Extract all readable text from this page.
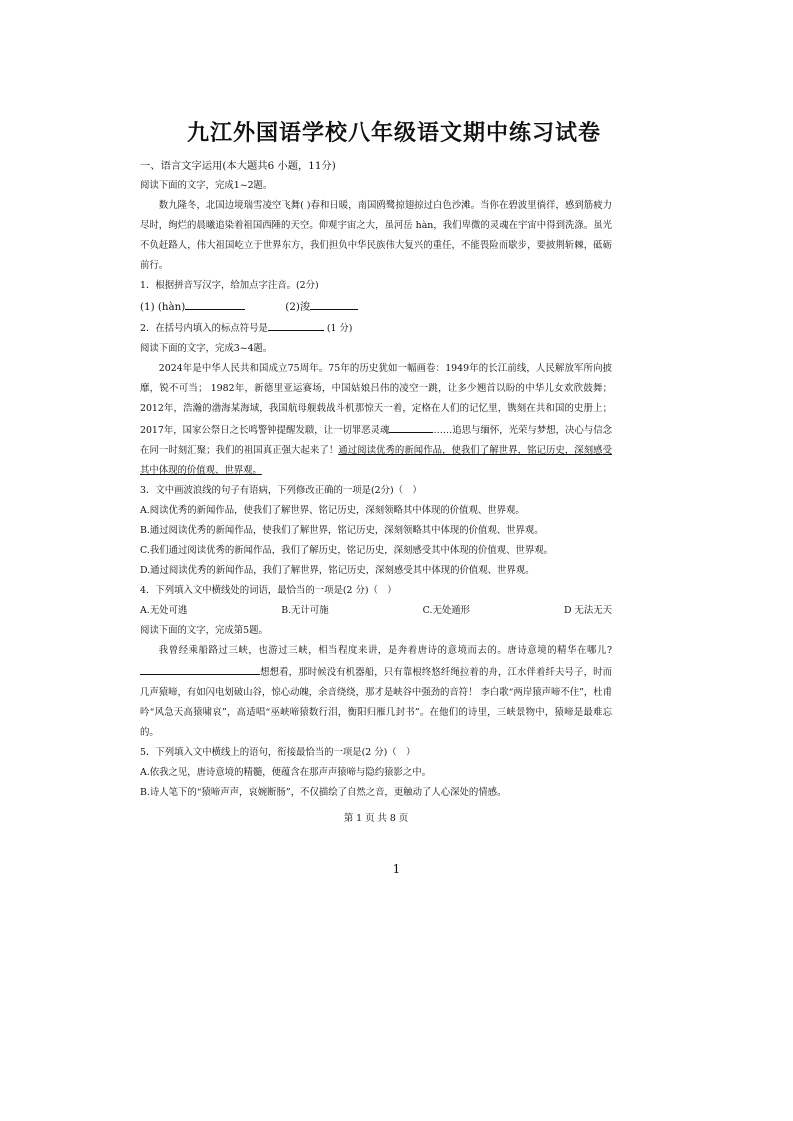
九江外国语学校八年级语文期中练习试卷
一、语言文字运用(本大题共6 小题，11分)
阅读下面的文字，完成1~2题。
数九隆冬，北国边境瑞雪凌空飞舞( )春和日暖，南国鸥鹭掠翅掠过白色沙滩。当你在碧波里徜徉，感到筋疲力尽时，绚烂的晨曦追染着祖国西陲的天空。仰观宇宙之大，虽河岳 hàn，我们卑微的灵魂在宇宙中得到洗涤。虽光不负赶路人，伟大祖国屹立于世界东方，我们担负中华民族伟大复兴的重任，不能畏险而歇步，要披荆斩棘，砥砺前行。
1．根据拼音写汉字，给加点字注音。(2分)
(1) (hàn)	(2)浚
2．在括号内填入的标点符号是	(1 分)
阅读下面的文字，完成3~4题。
2024年是中华人民共和国成立75周年。75年的历史犹如一幅画卷：1949年的长江前线，人民解放军所向披靡，锐不可当； 1982年，新德里亚运赛场，中国姑娘吕伟的凌空一跳，让多少翘首以盼的中华儿女欢欣鼓舞； 2012年，浩瀚的渤海某海域，我国航母舰载战斗机那惊天一着，定格在人们的记忆里，镌刻在共和国的史册上； 2017年，国家公祭日之长鸣警钟提醒发聩，让一切罪恶灵魂	……追思与缅怀，光荣与梦想，决心与信念在同一时刻汇聚；我们的祖国真正强大起来了！通过阅读优秀的新闻作品，使我们了解世界，铭记历史，深刻感受其中体现的价值观、世界观。
3．文中画波浪线的句子有语病，下列修改正确的一项是(2分)（　）
A.阅读优秀的新闻作品，使我们了解世界、铭记历史，深刻领略其中体现的价值观、世界观。
B.通过阅读优秀的新闻作品，使我们了解世界，铭记历史，深刻领略其中体现的价值观、世界观。
C.我们通过阅读优秀的新闻作品，我们了解历史，铭记历史，深刻感受其中体现的价值观、世界观。
D.通过阅读优秀的新闻作品，我们了解世界，铭记历史，深刻感受其中体现的价值观、世界观。
4．下列填入文中横线处的词语，最恰当的一项是(2 分)（　）
A.无处可逃	B.无计可施	C.无处遁形	D 无法无天
阅读下面的文字，完成第5题。
我曾经乘船路过三峡，也游过三峡，相当程度来讲，是奔着唐诗的意境而去的。唐诗意境的精华在哪儿?想想看，那时候没有机器船，只有靠根终悠纤绳拉着的舟，江水伴着纤夫号子，时而几声猿啼，有如闪电划破山谷，惊心动魄，余音绕绕，那才是峡谷中强劲的音符！ 李白歌“两岸猿声啼不住”，杜甫吟“风急天高猿啸哀”，高适唱“巫峡啼猿数行泪，衡阳归雁几封书”。在他们的诗里，三峡景物中，猿啼是最难忘的。
5．下列填入文中横线上的语句，衔接最恰当的一项是(2 分)（　）
A.依我之见，唐诗意境的精髓，便蕴含在那声声猿啼与隐约猿影之中。
B.诗人笔下的“猿啼声声，哀婉断肠”，不仅描绘了自然之音，更触动了人心深处的情感。
第 1 页 共 8 页
1
